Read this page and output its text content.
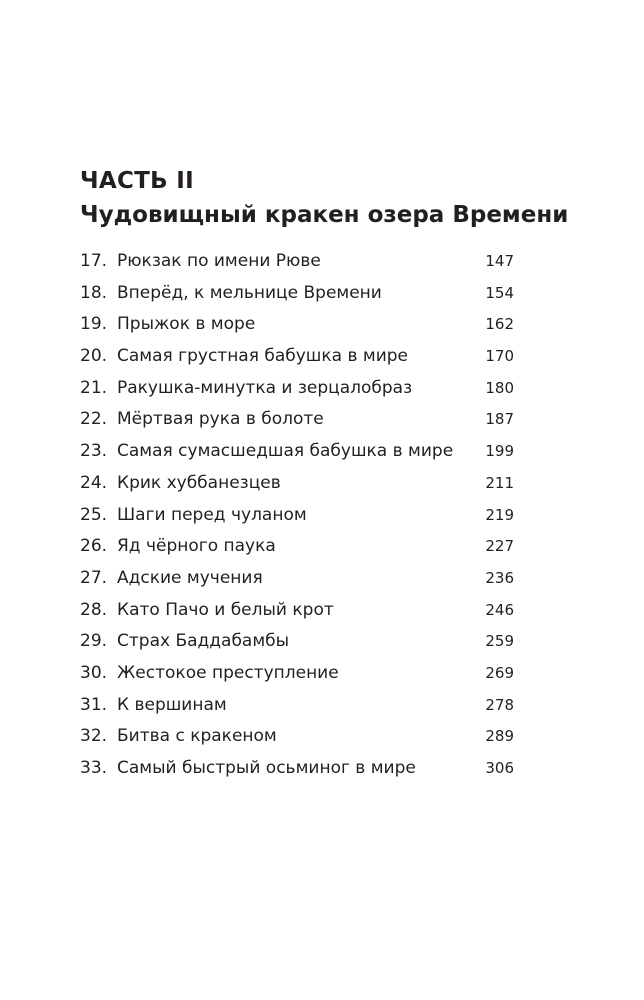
ЧАСТЬ II
Чудовищный кракен озера Времени
17. Рюкзак по имени Рюве	147
18. Вперёд, к мельнице Времени	154
19. Прыжок в море	162
20. Самая грустная бабушка в мире	170
21. Ракушка-минутка и зерцалобраз	180
22. Мёртвая рука в болоте	187
23. Самая сумасшедшая бабушка в мире 199
24. Крик хуббанезцев	211
25. Шаги перед чуланом	219
26. Яд чёрного паука	227
27. Адские мучения	236
28. Като Пачо и белый крот	246
29. Страх Баддабамбы	259
30. Жестокое преступление	269
31. К вершинам	278
32. Битва с кракеном	289
33. Самый быстрый осьминог в мире	306
